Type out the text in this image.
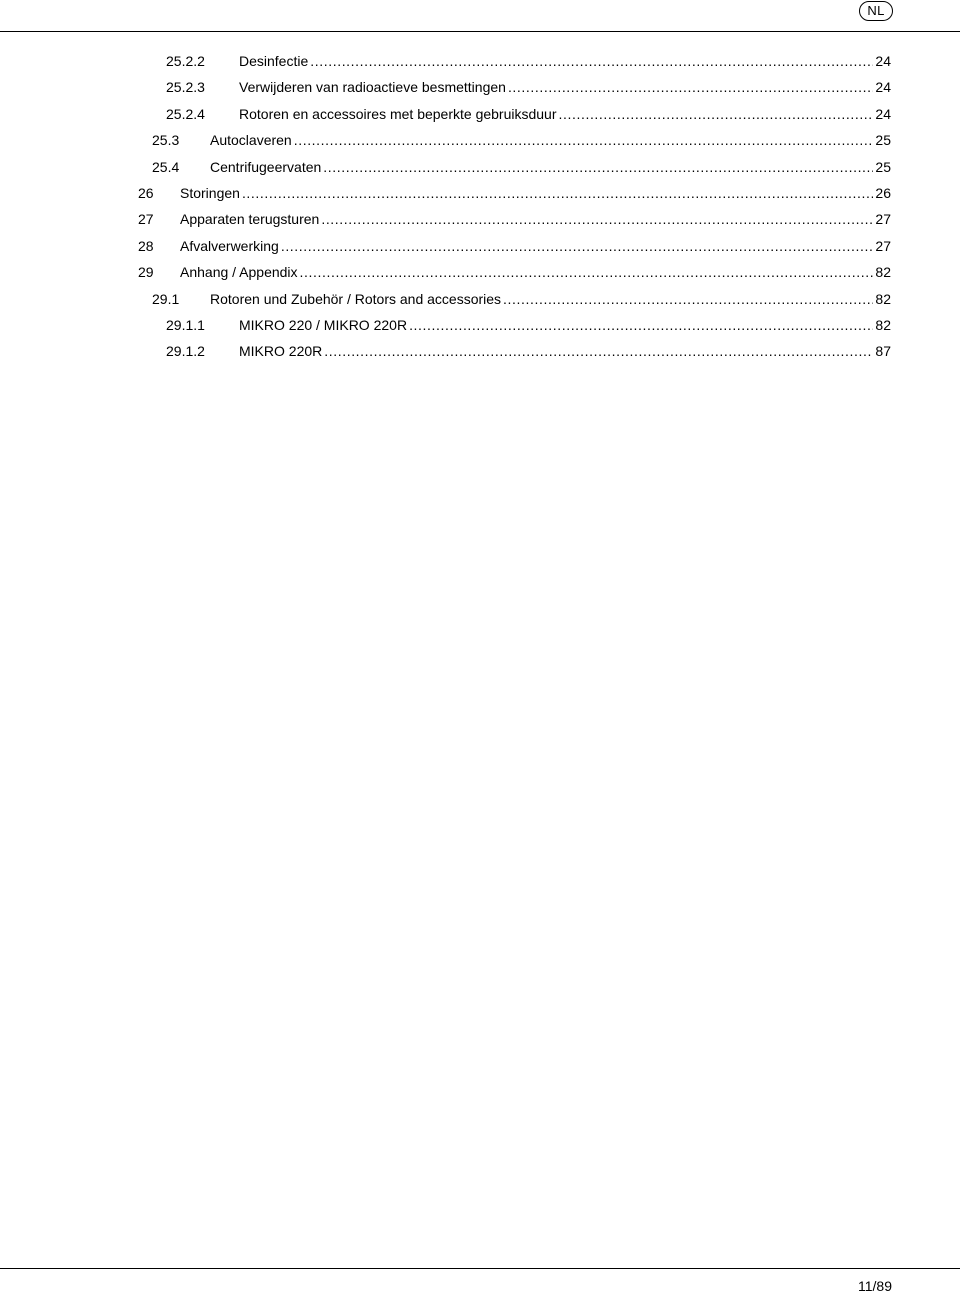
NL
25.2.2	Desinfectie .....	24
25.2.3	Verwijderen van radioactieve besmettingen .....	24
25.2.4	Rotoren en accessoires met beperkte gebruiksduur .....	24
25.3	Autoclaveren .....	25
25.4	Centrifugeervaten .....	25
26	Storingen .....	26
27	Apparaten terugsturen .....	27
28	Afvalverwerking .....	27
29	Anhang / Appendix .....	82
29.1	Rotoren und Zubehör / Rotors and accessories .....	82
29.1.1	MIKRO 220 / MIKRO 220R .....	82
29.1.2	MIKRO 220R .....	87
11/89
